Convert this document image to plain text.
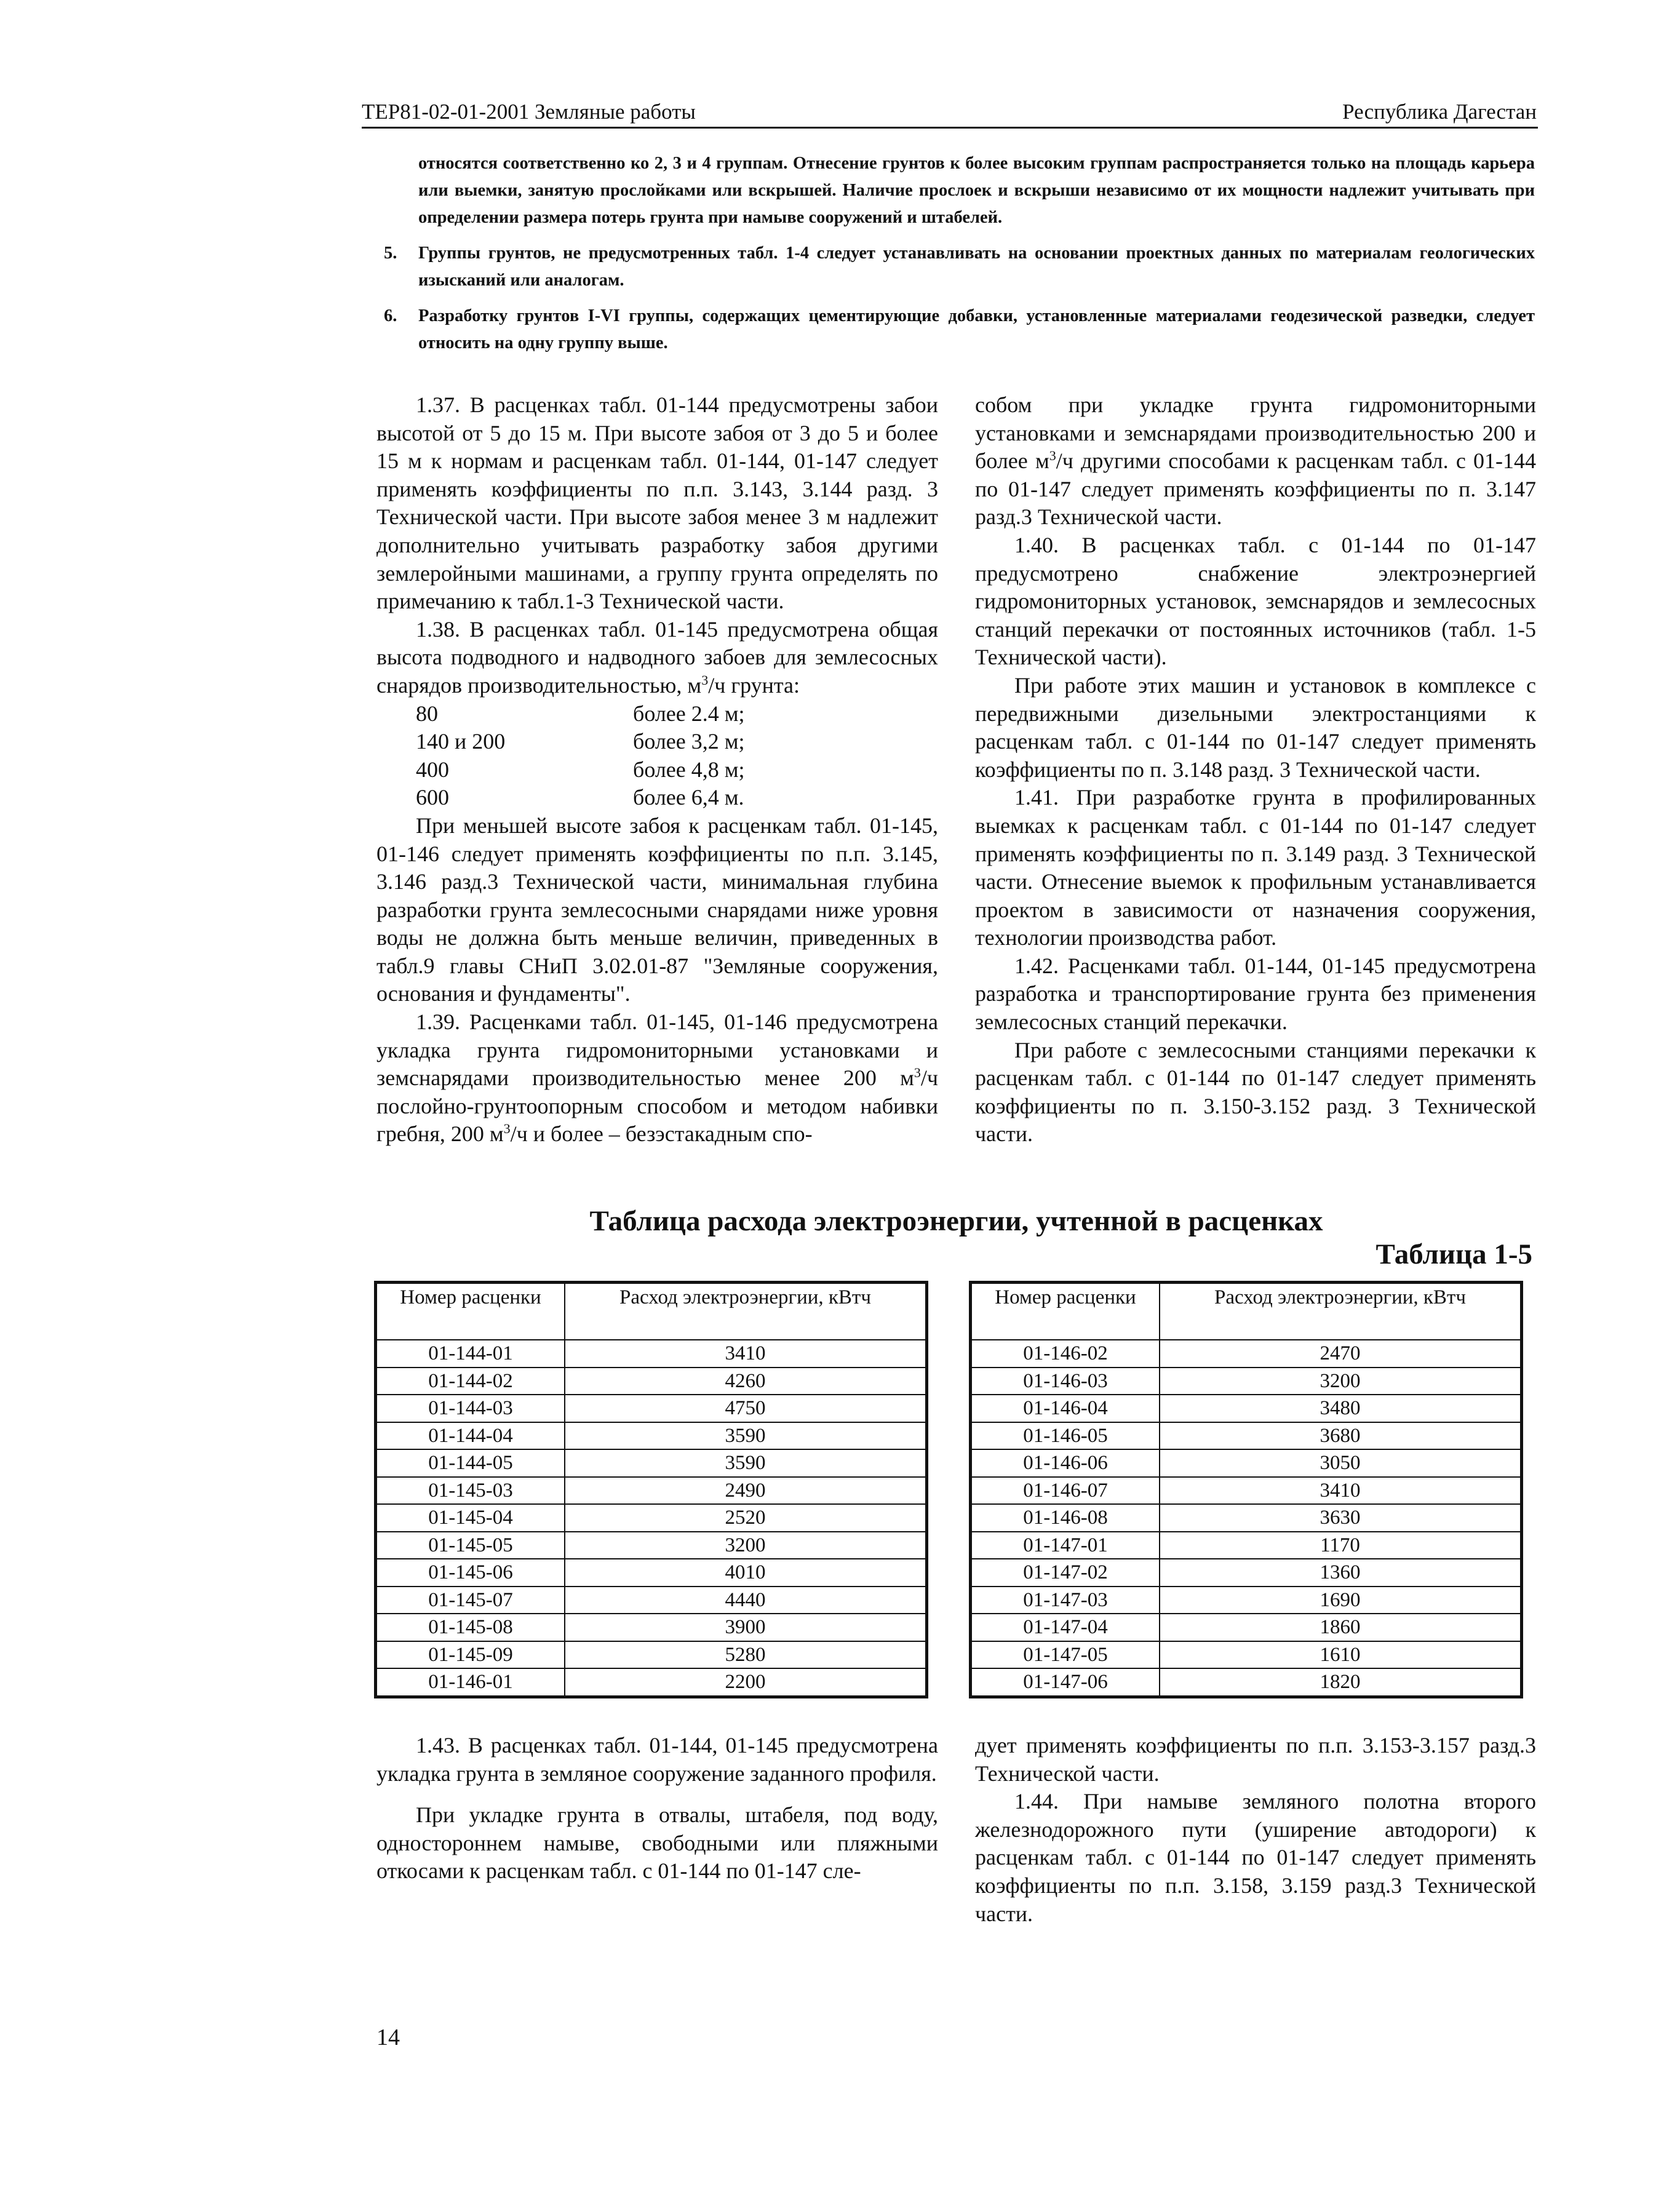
ТЕР81-02-01-2001 Земляные работы	Республика Дагестан

относятся соответственно ко 2, 3 и 4 группам. Отнесение грунтов к более высоким группам распространяется только на площадь карьера или выемки, занятую прослойками или вскрышей. Наличие прослоек и вскрыши независимо от их мощности надлежит учитывать при определении размера потерь грунта при намыве сооружений и штабелей.

5. Группы грунтов, не предусмотренных табл. 1-4 следует устанавливать на основании проектных данных по материалам геологических изысканий или аналогам.
6. Разработку грунтов I-VI группы, содержащих цементирующие добавки, установленные материалами геодезической разведки, следует относить на одну группу выше.

1.37. В расценках табл. 01-144 предусмотрены забои высотой от 5 до 15 м. При высоте забоя от 3 до 5 и более 15 м к нормам и расценкам табл. 01-144, 01-147 следует применять коэффициенты по п.п. 3.143, 3.144 разд. 3 Технической части. При высоте забоя менее 3 м надлежит дополнительно учитывать разработку забоя другими землеройными машинами, а группу грунта определять по примечанию к табл.1-3 Технической части.

1.38. В расценках табл. 01-145 предусмотрена общая высота подводного и надводного забоев для землесосных снарядов производительностью, $м^3/ч$ грунта:

80	более 2.4 м;
140 и 200	более 3,2 м;
400	более 4,8 м;
600	более 6,4 м.

При меньшей высоте забоя к расценкам табл. 01-145, 01-146 следует применять коэффициенты по п.п. 3.145, 3.146 разд.3 Технической части, минимальная глубина разработки грунта землесосными снарядами ниже уровня воды не должна быть меньше величин, приведенных в табл.9 главы СНиП 3.02.01-87 "Земляные сооружения, основания и фундаменты".

1.39. Расценками табл. 01-145, 01-146 предусмотрена укладка грунта гидромониторными установками и земснарядами производительностью менее 200 $м^3/ч$ послойно-грунтоопорным способом и методом набивки гребня, 200 $м^3/ч$ и более – безэстакадным спо-

собом при укладке грунта гидромониторными установками и земснарядами производительностью 200 и более $м^3/ч$ другими способами к расценкам табл. с 01-144 по 01-147 следует применять коэффициенты по п. 3.147 разд.3 Технической части.

1.40. В расценках табл. с 01-144 по 01-147 предусмотрено снабжение электроэнергией гидромониторных установок, земснарядов и землесосных станций перекачки от постоянных источников (табл. 1-5 Технической части).

При работе этих машин и установок в комплексе с передвижными дизельными электростанциями к расценкам табл. с 01-144 по 01-147 следует применять коэффициенты по п. 3.148 разд. 3 Технической части.

1.41. При разработке грунта в профилированных выемках к расценкам табл. с 01-144 по 01-147 следует применять коэффициенты по п. 3.149 разд. 3 Технической части. Отнесение выемок к профильным устанавливается проектом в зависимости от назначения сооружения, технологии производства работ.

1.42. Расценками табл. 01-144, 01-145 предусмотрена разработка и транспортирование грунта без применения землесосных станций перекачки.

При работе с землесосными станциями перекачки к расценкам табл. с 01-144 по 01-147 следует применять коэффициенты по п. 3.150-3.152 разд. 3 Технической части.

Таблица расхода электроэнергии, учтенной в расценках
Таблица 1-5
Номер расценки	Расход электроэнергии, кВтч
01-144-01	3410
01-144-02	4260
01-144-03	4750
01-144-04	3590
01-144-05	3590
01-145-03	2490
01-145-04	2520
01-145-05	3200
01-145-06	4010
01-145-07	4440
01-145-08	3900
01-145-09	5280
01-146-01	2200
Номер расценки	Расход электроэнергии, кВтч
01-146-02	2470
01-146-03	3200
01-146-04	3480
01-146-05	3680
01-146-06	3050
01-146-07	3410
01-146-08	3630
01-147-01	1170
01-147-02	1360
01-147-03	1690
01-147-04	1860
01-147-05	1610
01-147-06	1820

1.43. В расценках табл. 01-144, 01-145 предусмотрена укладка грунта в земляное сооружение заданного профиля.

При укладке грунта в отвалы, штабеля, под воду, одностороннем намыве, свободными или пляжными откосами к расценкам табл. с 01-144 по 01-147 сле-

дует применять коэффициенты по п.п. 3.153-3.157 разд.3 Технической части.

1.44. При намыве земляного полотна второго железнодорожного пути (уширение автодороги) к расценкам табл. с 01-144 по 01-147 следует применять коэффициенты по п.п. 3.158, 3.159 разд.3 Технической части.

14
